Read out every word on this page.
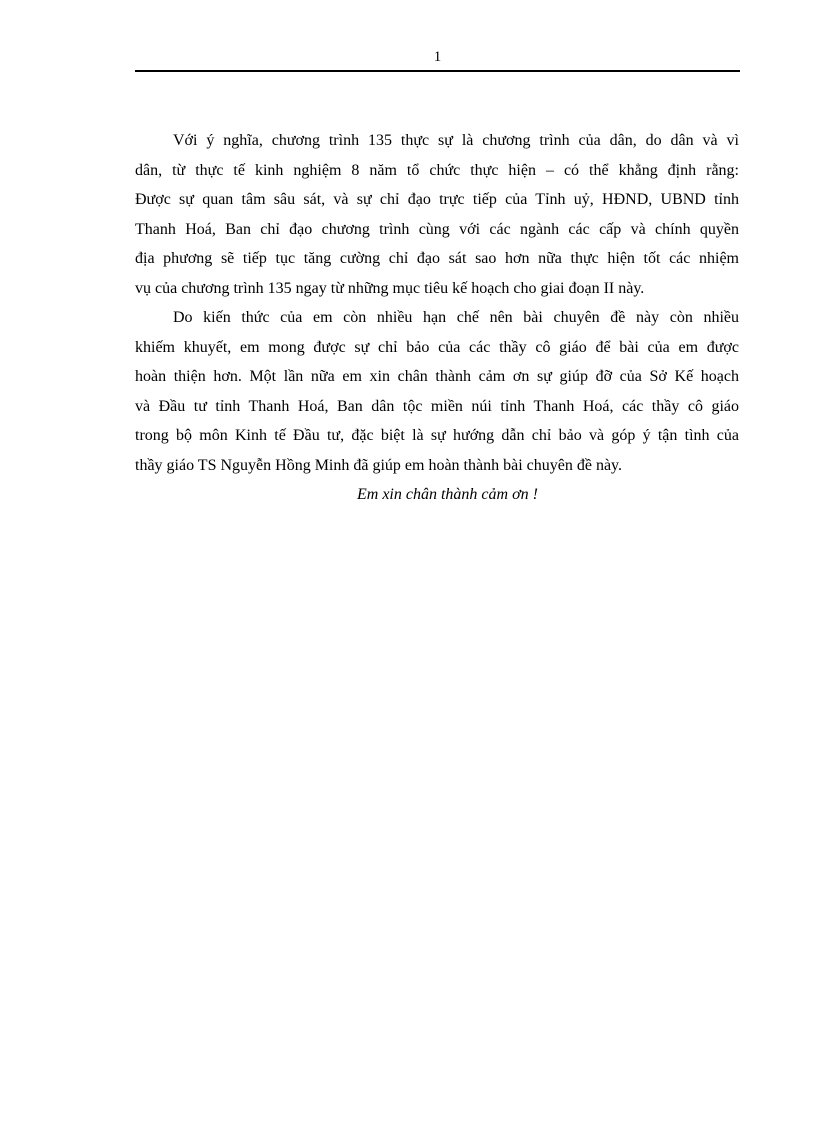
1
Với ý nghĩa, chương trình 135 thực sự là chương trình của dân, do dân và vì
dân, từ thực tế kinh nghiệm 8 năm tổ chức thực hiện – có thể khẳng định rằng:
Được sự quan tâm sâu sát, và sự chỉ đạo trực tiếp của Tỉnh uỷ, HĐND, UBND tỉnh
Thanh Hoá, Ban chỉ đạo chương trình cùng với các ngành các cấp và chính quyền
địa phương sẽ tiếp tục tăng cường chỉ đạo sát sao hơn nữa thực hiện tốt các nhiệm
vụ của chương trình 135 ngay từ những mục tiêu kế hoạch cho giai đoạn II này.
Do kiến thức của em còn nhiều hạn chế nên bài chuyên đề này còn nhiều
khiếm khuyết, em mong được sự chỉ bảo của các thầy cô giáo để bài của em được
hoàn thiện hơn. Một lần nữa em xin chân thành cảm ơn sự giúp đỡ của Sở Kế hoạch
và Đầu tư tỉnh Thanh Hoá, Ban dân tộc miền núi tỉnh Thanh Hoá, các thầy cô giáo
trong bộ môn Kinh tế Đầu tư, đặc biệt là sự hướng dẫn chỉ bảo và góp ý tận tình của
thầy giáo TS Nguyễn Hồng Minh đã giúp em hoàn thành bài chuyên đề này.
Em xin chân thành cảm ơn !
